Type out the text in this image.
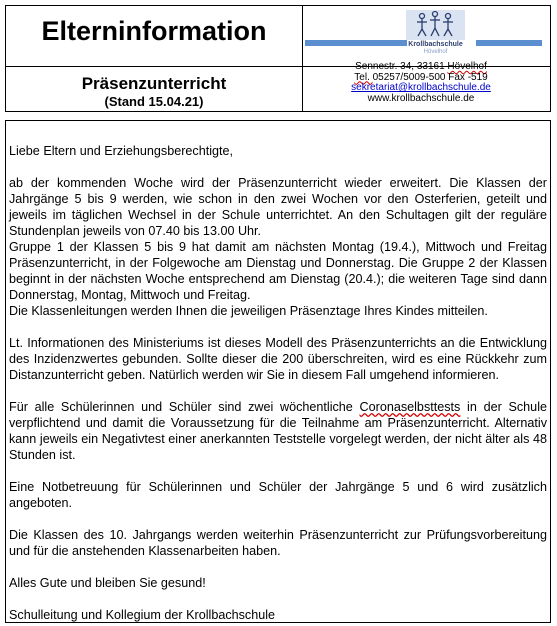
Elterninformation
Präsenzunterricht
(Stand 15.04.21)
Krollbachschule
Hövelhof
Sennestr. 34, 33161 Hövelhof
Tel. 05257/5009-500 Fax -519
sekretariat@krollbachschule.de
www.krollbachschule.de

Liebe Eltern und Erziehungsberechtigte,

ab der kommenden Woche wird der Präsenzunterricht wieder erweitert. Die Klassen der Jahrgänge 5 bis 9 werden, wie schon in den zwei Wochen vor den Osterferien, geteilt und jeweils im täglichen Wechsel in der Schule unterrichtet. An den Schultagen gilt der reguläre Stundenplan jeweils von 07.40 bis 13.00 Uhr.

Gruppe 1 der Klassen 5 bis 9 hat damit am nächsten Montag (19.4.), Mittwoch und Freitag Präsenzunterricht, in der Folgewoche am Dienstag und Donnerstag. Die Gruppe 2 der Klassen beginnt in der nächsten Woche entsprechend am Dienstag (20.4.); die weiteren Tage sind dann Donnerstag, Montag, Mittwoch und Freitag.

Die Klassenleitungen werden Ihnen die jeweiligen Präsenztage Ihres Kindes mitteilen.

Lt. Informationen des Ministeriums ist dieses Modell des Präsenzunterrichts an die Entwicklung des Inzidenzwertes gebunden. Sollte dieser die 200 überschreiten, wird es eine Rückkehr zum Distanzunterricht geben. Natürlich werden wir Sie in diesem Fall umgehend informieren.

Für alle Schülerinnen und Schüler sind zwei wöchentliche Coronaselbsttests in der Schule verpflichtend und damit die Voraussetzung für die Teilnahme am Präsenzunterricht. Alternativ kann jeweils ein Negativtest einer anerkannten Teststelle vorgelegt werden, der nicht älter als 48 Stunden ist.

Eine Notbetreuung für Schülerinnen und Schüler der Jahrgänge 5 und 6 wird zusätzlich angeboten.

Die Klassen des 10. Jahrgangs werden weiterhin Präsenzunterricht zur Prüfungsvorbereitung und für die anstehenden Klassenarbeiten haben.

Alles Gute und bleiben Sie gesund!

Schulleitung und Kollegium der Krollbachschule
